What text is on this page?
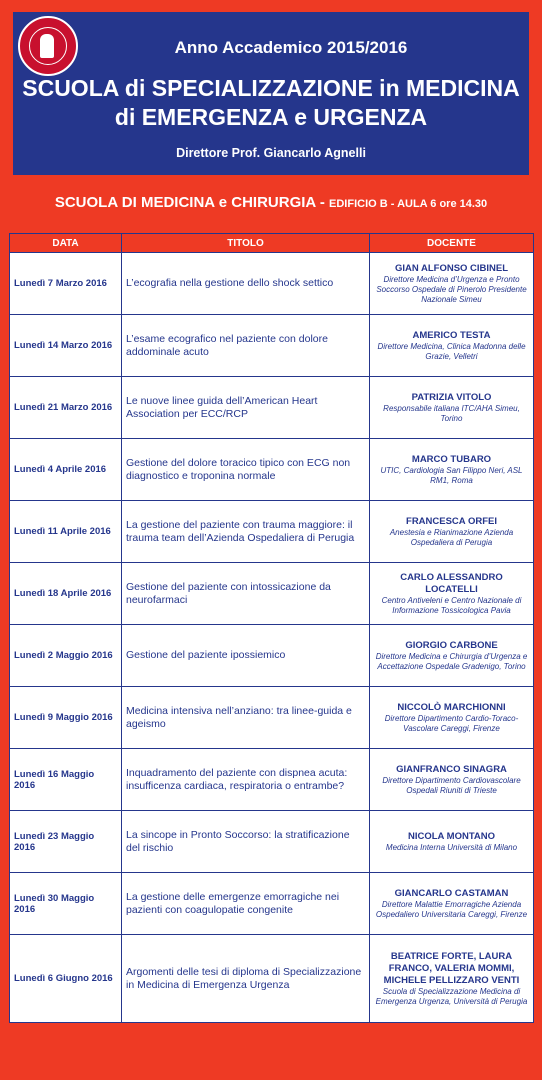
Anno Accademico 2015/2016
SCUOLA di SPECIALIZZAZIONE in MEDICINA
di EMERGENZA e URGENZA
Direttore Prof. Giancarlo Agnelli
SCUOLA DI MEDICINA e CHIRURGIA - EDIFICIO B - AULA 6 ore 14.30
DATA	TITOLO	DOCENTE
Lunedì 7 Marzo 2016	L’ecografia nella gestione dello shock settico	GIAN ALFONSO CIBINEL
Direttore Medicina d’Urgenza e Pronto Soccorso Ospedale di Pinerolo Presidente Nazionale Simeu

Lunedì 14 Marzo 2016	L’esame ecografico nel paziente con dolore addominale acuto	AMERICO TESTA
Direttore Medicina, Clinica Madonna delle Grazie, Velletri

Lunedì 21 Marzo 2016	Le nuove linee guida dell’American Heart Association per ECC/RCP	PATRIZIA VITOLO
Responsabile italiana ITC/AHA Simeu, Torino

Lunedì 4 Aprile 2016	Gestione del dolore toracico tipico con ECG non diagnostico e troponina normale	MARCO TUBARO
UTIC, Cardiologia San Filippo Neri, ASL RM1, Roma

Lunedì 11 Aprile 2016	La gestione del paziente con trauma maggiore: il trauma team dell’Azienda Ospedaliera di Perugia	FRANCESCA ORFEI
Anestesia e Rianimazione Azienda Ospedaliera di Perugia

Lunedì 18 Aprile 2016	Gestione del paziente con intossicazione da neurofarmaci	CARLO ALESSANDRO LOCATELLI
Centro Antiveleni e Centro Nazionale di Informazione Tossicologica Pavia

Lunedì 2 Maggio 2016	Gestione del paziente ipossiemico	GIORGIO CARBONE
Direttore Medicina e Chirurgia d’Urgenza e Accettazione Ospedale Gradenigo, Torino

Lunedì 9 Maggio 2016	Medicina intensiva nell’anziano: tra linee-guida e ageismo	NICCOLÒ MARCHIONNI
Direttore Dipartimento Cardio-Toraco-Vascolare Careggi, Firenze

Lunedì 16 Maggio 2016	Inquadramento del paziente con dispnea acuta: insufficenza cardiaca, respiratoria o entrambe?	GIANFRANCO SINAGRA
Direttore Dipartimento Cardiovascolare Ospedali Riuniti di Trieste

Lunedì 23 Maggio 2016	La sincope in Pronto Soccorso: la stratificazione del rischio	NICOLA MONTANO
Medicina Interna Università di Milano

Lunedì 30 Maggio 2016	La gestione delle emergenze emorragiche nei pazienti con coagulopatie congenite	GIANCARLO CASTAMAN
Direttore Malattie Emorragiche Azienda Ospedaliero Universitaria Careggi, Firenze

Lunedì 6 Giugno 2016	Argomenti delle tesi di diploma di Specializzazione in Medicina di Emergenza Urgenza	BEATRICE FORTE, LAURA FRANCO, VALERIA MOMMI, MICHELE PELLIZZARO VENTI
Scuola di Specializzazione Medicina di Emergenza Urgenza, Università di Perugia
